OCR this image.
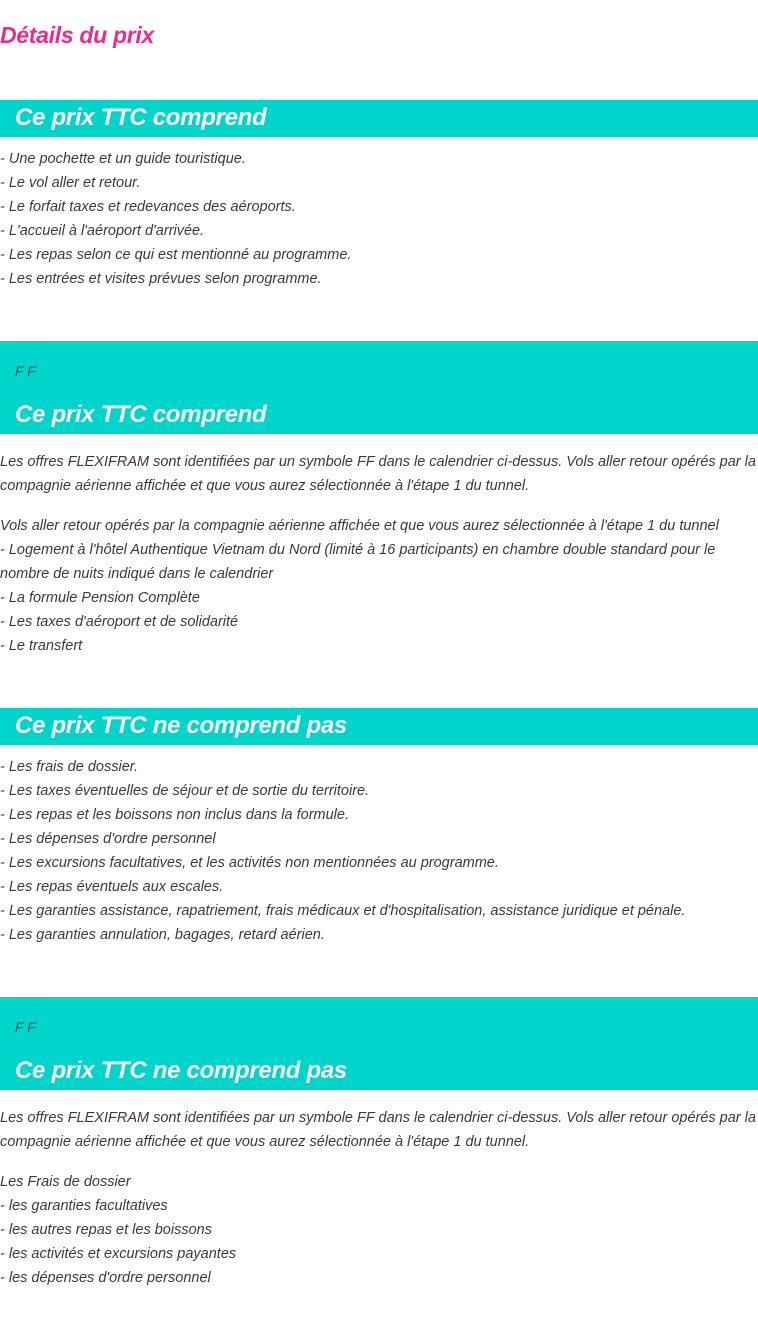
Détails du prix
Ce prix TTC comprend
- Une pochette et un guide touristique.
- Le vol aller et retour.
- Le forfait taxes et redevances des aéroports.
- L'accueil à l'aéroport d'arrivée.
- Les repas selon ce qui est mentionné au programme.
- Les entrées et visites prévues selon programme.
F F
Ce prix TTC comprend
Les offres FLEXIFRAM sont identifiées par un symbole FF dans le calendrier ci-dessus. Vols aller retour opérés par la compagnie aérienne affichée et que vous aurez sélectionnée à l'étape 1 du tunnel.
Vols aller retour opérés par la compagnie aérienne affichée et que vous aurez sélectionnée à l'étape 1 du tunnel
- Logement à l'hôtel Authentique Vietnam du Nord (limité à 16 participants) en chambre double standard pour le nombre de nuits indiqué dans le calendrier
- La formule Pension Complète
- Les taxes d'aéroport et de solidarité
- Le transfert
Ce prix TTC ne comprend pas
- Les frais de dossier.
- Les taxes éventuelles de séjour et de sortie du territoire.
- Les repas et les boissons non inclus dans la formule.
- Les dépenses d'ordre personnel
- Les excursions facultatives, et les activités non mentionnées au programme.
- Les repas éventuels aux escales.
- Les garanties assistance, rapatriement, frais médicaux et d'hospitalisation, assistance juridique et pénale.
- Les garanties annulation, bagages, retard aérien.
F F
Ce prix TTC ne comprend pas
Les offres FLEXIFRAM sont identifiées par un symbole FF dans le calendrier ci-dessus. Vols aller retour opérés par la compagnie aérienne affichée et que vous aurez sélectionnée à l'étape 1 du tunnel.
Les Frais de dossier
- les garanties facultatives
- les autres repas et les boissons
- les activités et excursions payantes
- les dépenses d'ordre personnel
